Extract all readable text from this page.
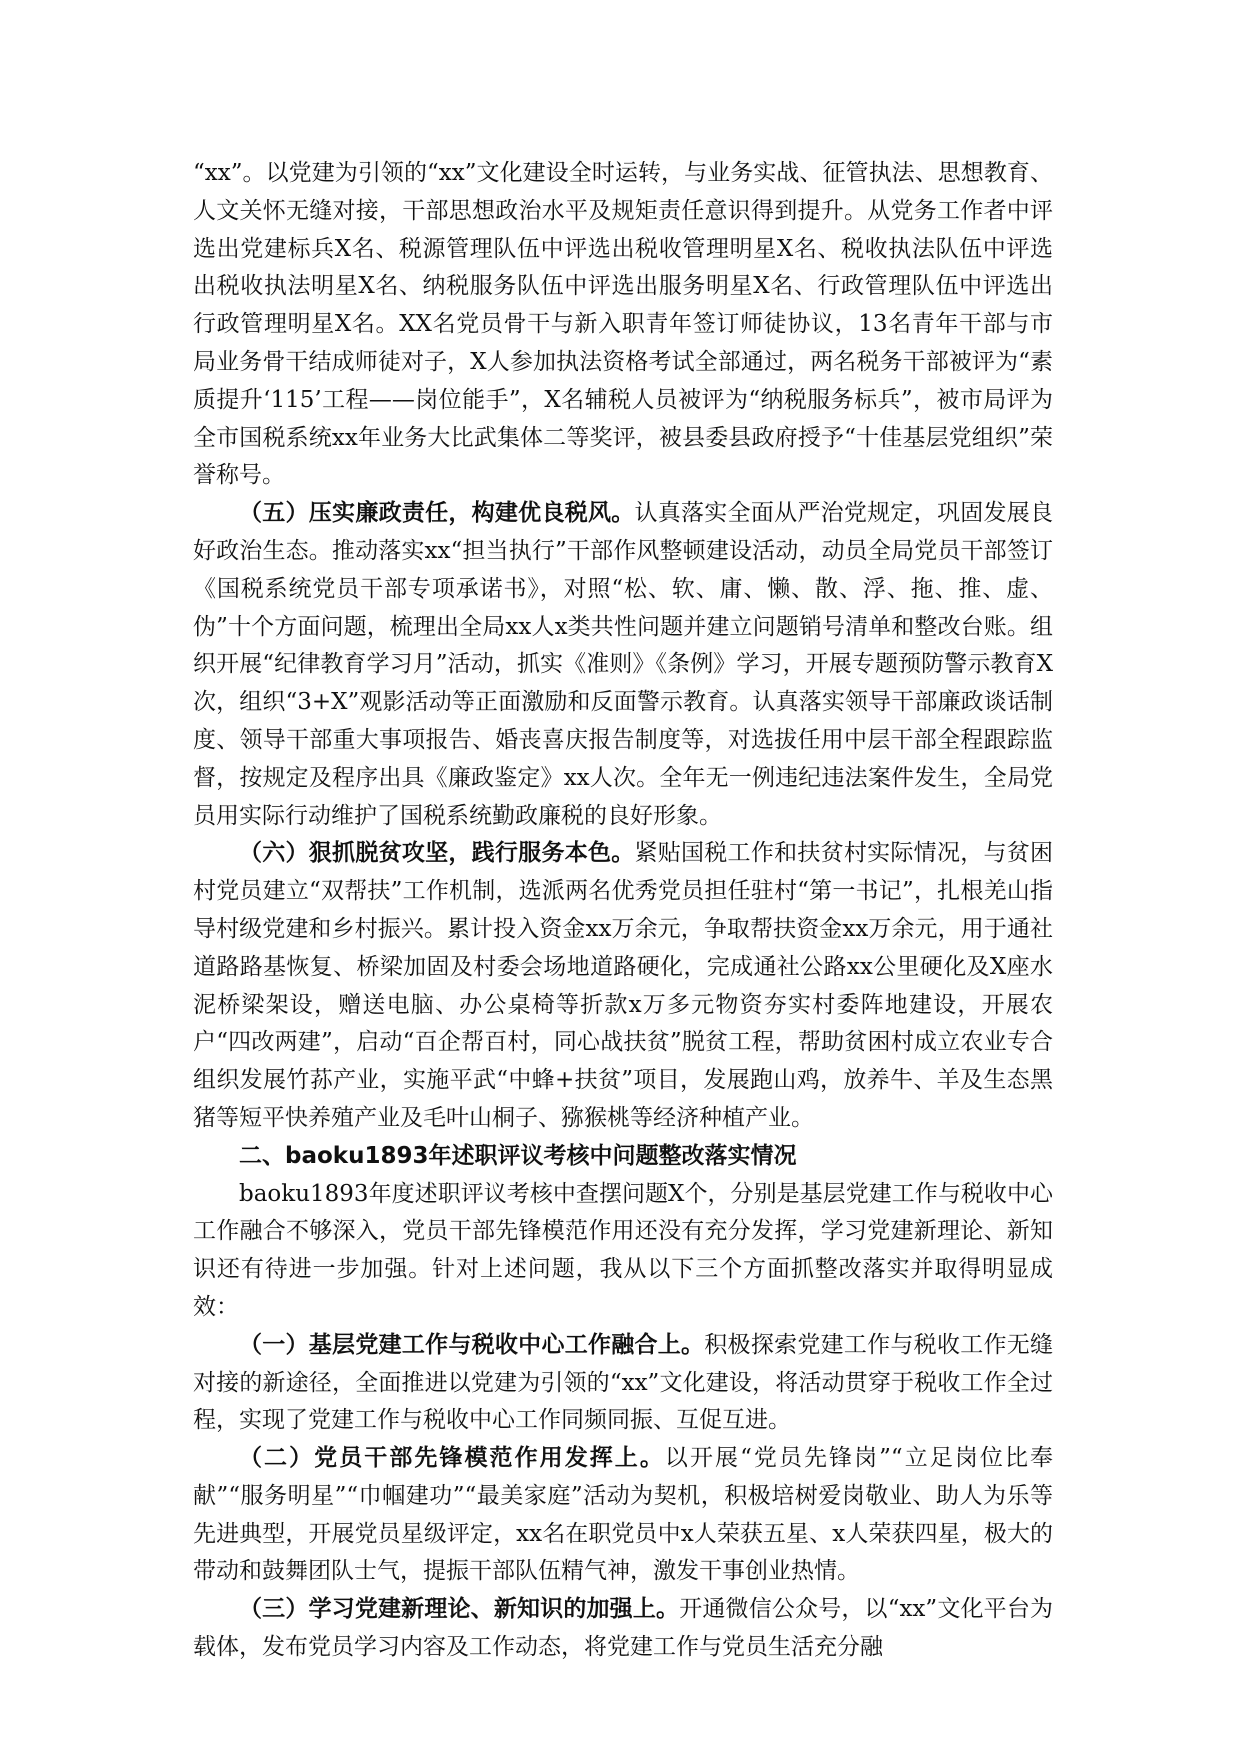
“xx”。以党建为引领的“xx”文化建设全时运转，与业务实战、征管执法、思想教育、人文关怀无缝对接，干部思想政治水平及规矩责任意识得到提升。从党务工作者中评选出党建标兵X名、税源管理队伍中评选出税收管理明星X名、税收执法队伍中评选出税收执法明星X名、纳税服务队伍中评选出服务明星X名、行政管理队伍中评选出行政管理明星X名。XX名党员骨干与新入职青年签订师徒协议，13名青年干部与市局业务骨干结成师徒对子，X人参加执法资格考试全部通过，两名税务干部被评为“素质提升‘115’工程——岗位能手”，X名辅税人员被评为“纳税服务标兵”，被市局评为全市国税系统xx年业务大比武集体二等奖评，被县委县政府授予“十佳基层党组织”荣誉称号。

（五）压实廉政责任，构建优良税风。认真落实全面从严治党规定，巩固发展良好政治生态。推动落实xx“担当执行”干部作风整顿建设活动，动员全局党员干部签订《国税系统党员干部专项承诺书》，对照“松、软、庸、懒、散、浮、拖、推、虚、伪”十个方面问题，梳理出全局xx人x类共性问题并建立问题销号清单和整改台账。组织开展“纪律教育学习月”活动，抓实《准则》《条例》学习，开展专题预防警示教育X次，组织“3+X”观影活动等正面激励和反面警示教育。认真落实领导干部廉政谈话制度、领导干部重大事项报告、婚丧喜庆报告制度等，对选拔任用中层干部全程跟踪监督，按规定及程序出具《廉政鉴定》xx人次。全年无一例违纪违法案件发生，全局党员用实际行动维护了国税系统勤政廉税的良好形象。

（六）狠抓脱贫攻坚，践行服务本色。紧贴国税工作和扶贫村实际情况，与贫困村党员建立“双帮扶”工作机制，选派两名优秀党员担任驻村“第一书记”，扎根羌山指导村级党建和乡村振兴。累计投入资金xx万余元，争取帮扶资金xx万余元，用于通社道路路基恢复、桥梁加固及村委会场地道路硬化，完成通社公路xx公里硬化及X座水泥桥梁架设，赠送电脑、办公桌椅等折款x万多元物资夯实村委阵地建设，开展农户“四改两建”，启动“百企帮百村，同心战扶贫”脱贫工程，帮助贫困村成立农业专合组织发展竹荪产业，实施平武“中蜂+扶贫”项目，发展跑山鸡，放养牛、羊及生态黑猪等短平快养殖产业及毛叶山桐子、猕猴桃等经济种植产业。

二、baoku1893年述职评议考核中问题整改落实情况

baoku1893年度述职评议考核中查摆问题X个，分别是基层党建工作与税收中心工作融合不够深入，党员干部先锋模范作用还没有充分发挥，学习党建新理论、新知识还有待进一步加强。针对上述问题，我从以下三个方面抓整改落实并取得明显成效：

（一）基层党建工作与税收中心工作融合上。积极探索党建工作与税收工作无缝对接的新途径，全面推进以党建为引领的“xx”文化建设，将活动贯穿于税收工作全过程，实现了党建工作与税收中心工作同频同振、互促互进。

（二）党员干部先锋模范作用发挥上。以开展“党员先锋岗”“立足岗位比奉献”“服务明星”“巾帼建功”“最美家庭”活动为契机，积极培树爱岗敬业、助人为乐等先进典型，开展党员星级评定，xx名在职党员中x人荣获五星、x人荣获四星，极大的带动和鼓舞团队士气，提振干部队伍精气神，激发干事创业热情。

（三）学习党建新理论、新知识的加强上。开通微信公众号，以“xx”文化平台为载体，发布党员学习内容及工作动态，将党建工作与党员生活充分融
